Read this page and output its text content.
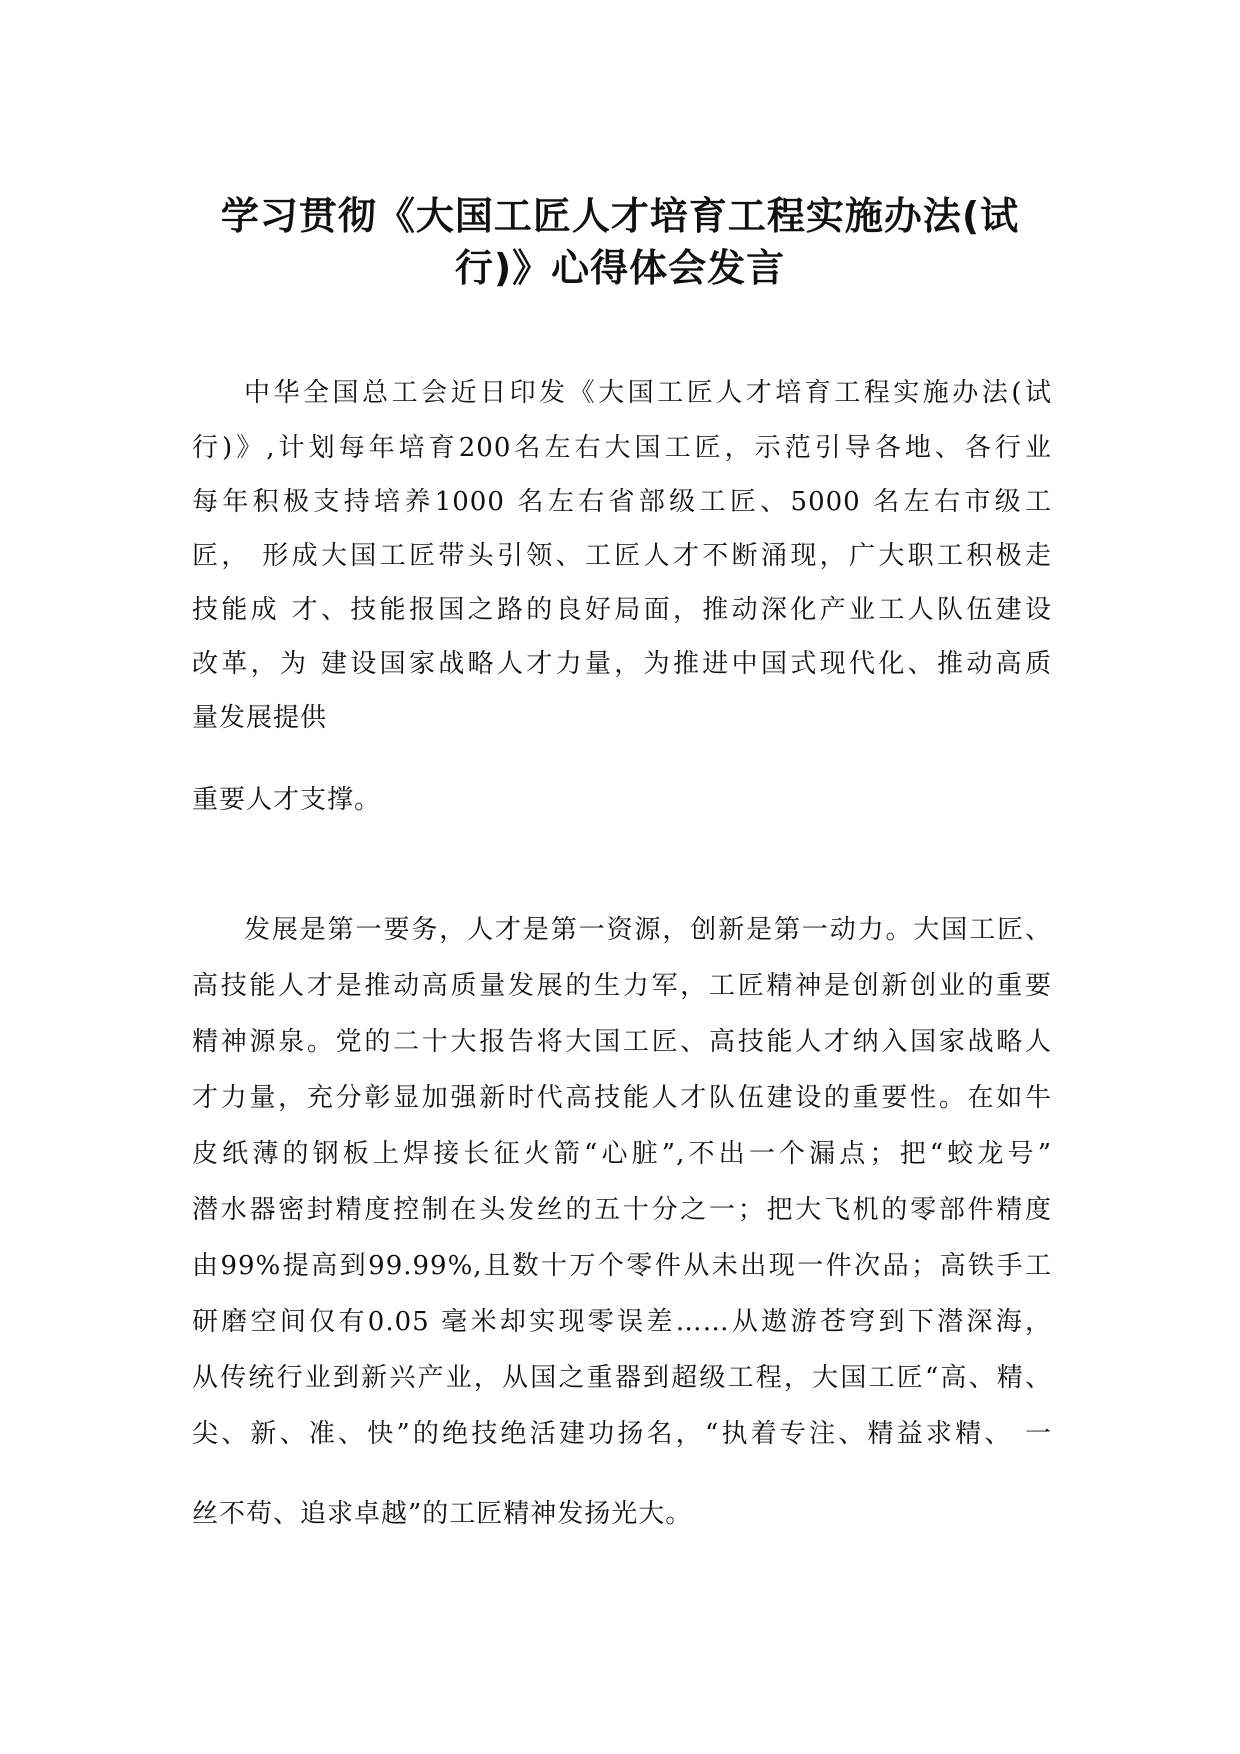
学习贯彻《大国工匠人才培育工程实施办法(试
行)》心得体会发言
中华全国总工会近日印发《大国工匠人才培育工程实施办法(试
行)》,计划每年培育200名左右大国工匠，示范引导各地、各行业
每年积极支持培养1000 名左右省部级工匠、5000 名左右市级工
匠， 形成大国工匠带头引领、工匠人才不断涌现，广大职工积极走
技能成 才、技能报国之路的良好局面，推动深化产业工人队伍建设
改革，为 建设国家战略人才力量，为推进中国式现代化、推动高质
量发展提供
重要人才支撑。
发展是第一要务，人才是第一资源，创新是第一动力。大国工匠、
高技能人才是推动高质量发展的生力军，工匠精神是创新创业的重要
精神源泉。党的二十大报告将大国工匠、高技能人才纳入国家战略人
才力量，充分彰显加强新时代高技能人才队伍建设的重要性。在如牛
皮纸薄的钢板上焊接长征火箭“心脏”,不出一个漏点；把“蛟龙号”
潜水器密封精度控制在头发丝的五十分之一；把大飞机的零部件精度
由99%提高到99.99%,且数十万个零件从未出现一件次品；高铁手工
研磨空间仅有0.05 毫米却实现零误差……从遨游苍穹到下潜深海，
从传统行业到新兴产业，从国之重器到超级工程，大国工匠“高、精、
尖、新、准、快”的绝技绝活建功扬名，“执着专注、精益求精、 一
丝不苟、追求卓越”的工匠精神发扬光大。
